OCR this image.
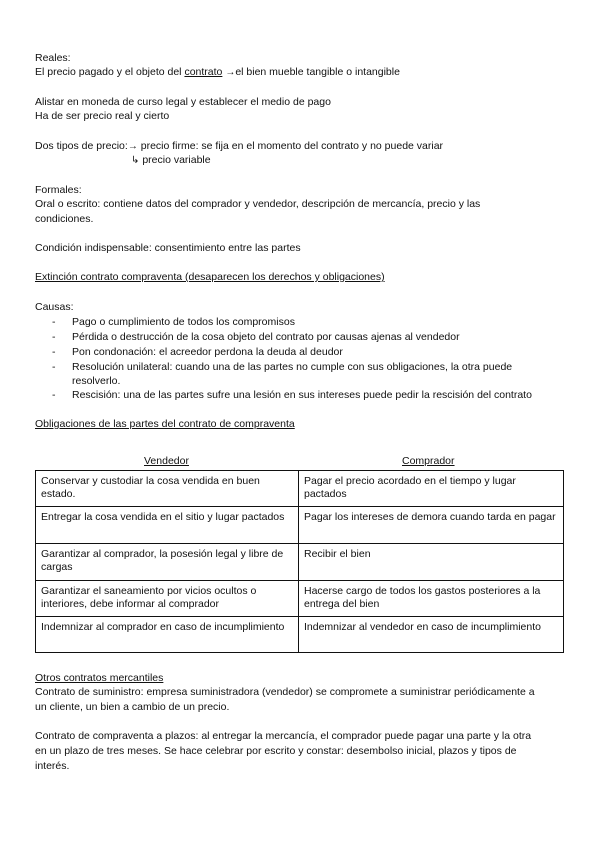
Reales:
El precio pagado y el objeto del contrato →el bien mueble tangible o intangible
Alistar en moneda de curso legal y establecer el medio de pago
Ha de ser precio real y cierto
Dos tipos de precio:→ precio firme: se fija en el momento del contrato y no puede variar
↳ precio variable
Formales:
Oral o escrito: contiene datos del comprador y vendedor, descripción de mercancía, precio y las
condiciones.
Condición indispensable: consentimiento entre las partes
Extinción contrato compraventa (desaparecen los derechos y obligaciones)
Causas:
- Pago o cumplimiento de todos los compromisos
- Pérdida o destrucción de la cosa objeto del contrato por causas ajenas al vendedor
- Pon condonación: el acreedor perdona la deuda al deudor
- Resolución unilateral: cuando una de las partes no cumple con sus obligaciones, la otra puede
resolverlo.
- Rescisión: una de las partes sufre una lesión en sus intereses puede pedir la rescisión del contrato
Obligaciones de las partes del contrato de compraventa
Vendedor	Comprador
Conservar y custodiar la cosa vendida en buen estado.	Pagar el precio acordado en el tiempo y lugar pactados
Entregar la cosa vendida en el sitio y lugar pactados	Pagar los intereses de demora cuando tarda en pagar
Garantizar al comprador, la posesión legal y libre de cargas	Recibir el bien
Garantizar el saneamiento por vicios ocultos o interiores, debe informar al comprador	Hacerse cargo de todos los gastos posteriores a la entrega del bien
Indemnizar al comprador en caso de incumplimiento	Indemnizar al vendedor en caso de incumplimiento
Otros contratos mercantiles
Contrato de suministro: empresa suministradora (vendedor) se compromete a suministrar periódicamente a
un cliente, un bien a cambio de un precio.
Contrato de compraventa a plazos: al entregar la mercancía, el comprador puede pagar una parte y la otra
en un plazo de tres meses. Se hace celebrar por escrito y constar: desembolso inicial, plazos y tipos de
interés.
